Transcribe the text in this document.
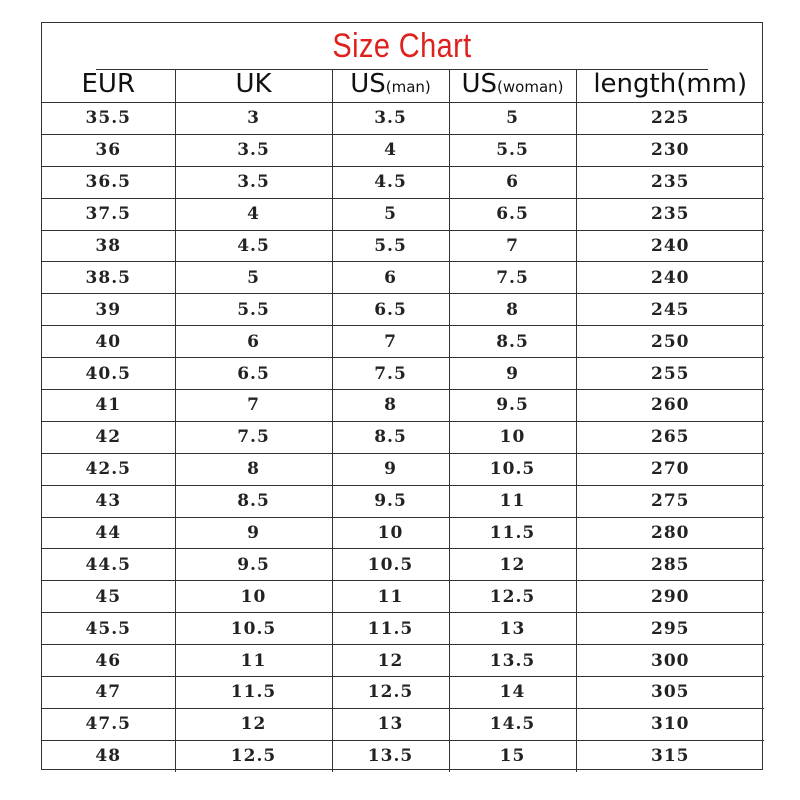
Size Chart
EUR	UK	US(man)	US(woman)	length(mm)
35.5	3	3.5	5	225
36	3.5	4	5.5	230
36.5	3.5	4.5	6	235
37.5	4	5	6.5	235
38	4.5	5.5	7	240
38.5	5	6	7.5	240
39	5.5	6.5	8	245
40	6	7	8.5	250
40.5	6.5	7.5	9	255
41	7	8	9.5	260
42	7.5	8.5	10	265
42.5	8	9	10.5	270
43	8.5	9.5	11	275
44	9	10	11.5	280
44.5	9.5	10.5	12	285
45	10	11	12.5	290
45.5	10.5	11.5	13	295
46	11	12	13.5	300
47	11.5	12.5	14	305
47.5	12	13	14.5	310
48	12.5	13.5	15	315
